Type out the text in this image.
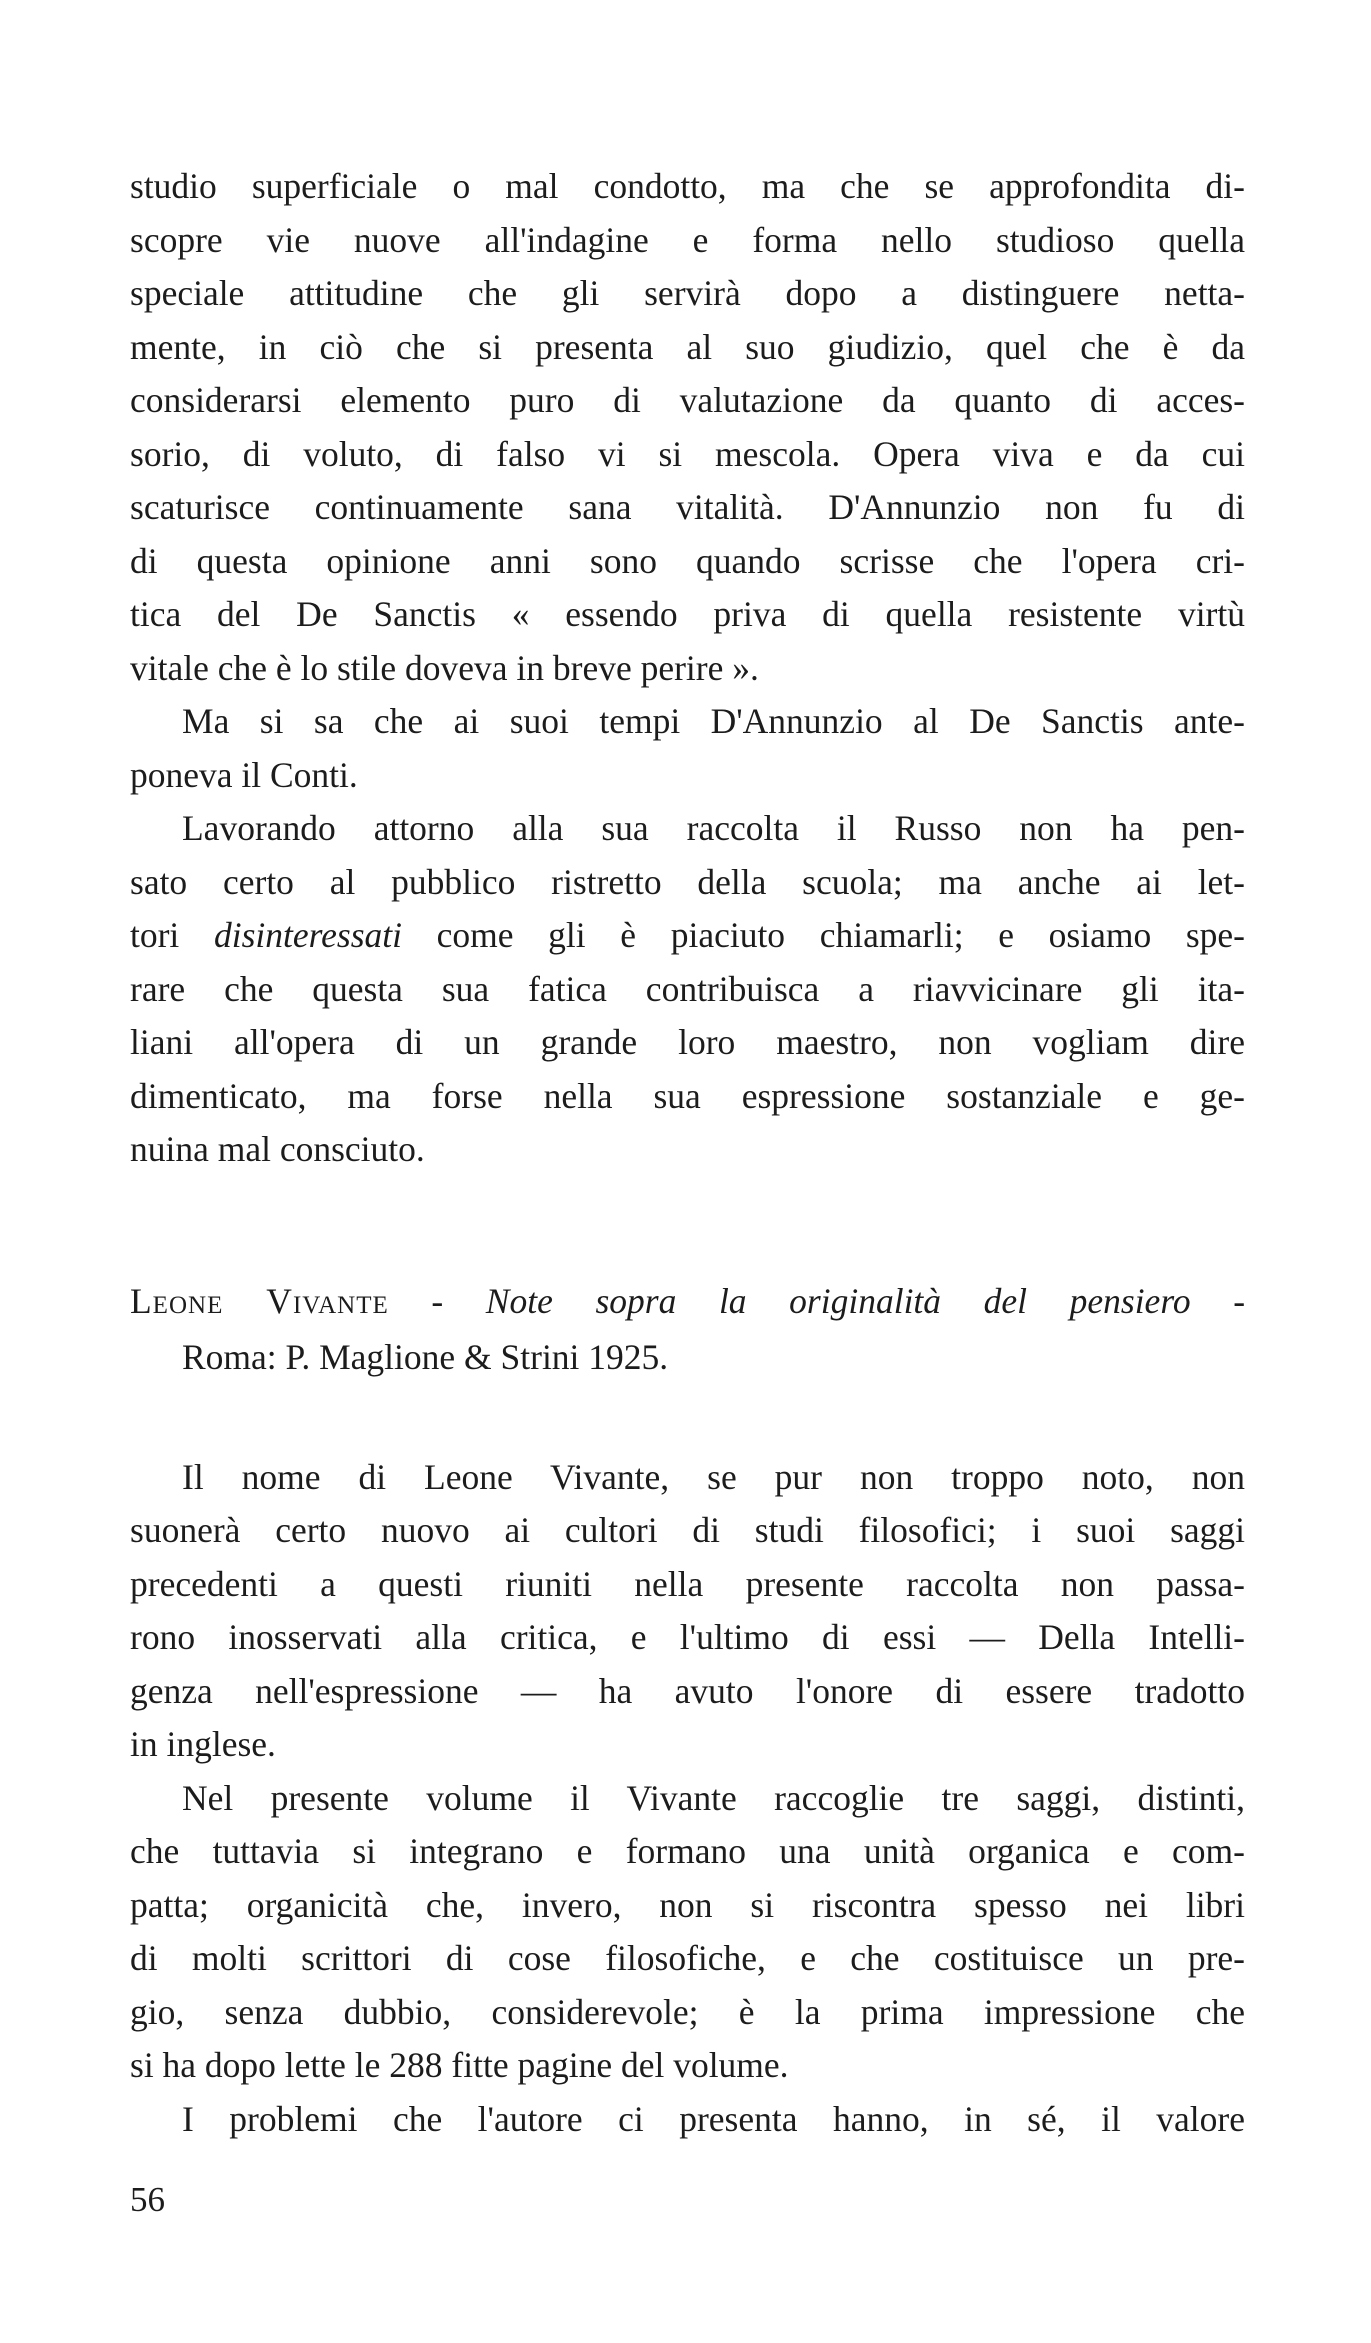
studio superficiale o mal condotto, ma che se approfondita di-
scopre vie nuove all'indagine e forma nello studioso quella
speciale attitudine che gli servirà dopo a distinguere netta-
mente, in ciò che si presenta al suo giudizio, quel che è da
considerarsi elemento puro di valutazione da quanto di acces-
sorio, di voluto, di falso vi si mescola. Opera viva e da cui
scaturisce continuamente sana vitalità. D'Annunzio non fu di
di questa opinione anni sono quando scrisse che l'opera cri-
tica del De Sanctis « essendo priva di quella resistente virtù
vitale che è lo stile doveva in breve perire ».

Ma si sa che ai suoi tempi D'Annunzio al De Sanctis ante-
poneva il Conti.

Lavorando attorno alla sua raccolta il Russo non ha pen-
sato certo al pubblico ristretto della scuola; ma anche ai let-
tori disinteressati come gli è piaciuto chiamarli; e osiamo spe-
rare che questa sua fatica contribuisca a riavvicinare gli ita-
liani all'opera di un grande loro maestro, non vogliam dire
dimenticato, ma forse nella sua espressione sostanziale e ge-
nuina mal consciuto.

Leone Vivante - Note sopra la originalità del pensiero -
Roma: P. Maglione & Strini 1925.

Il nome di Leone Vivante, se pur non troppo noto, non
suonerà certo nuovo ai cultori di studi filosofici; i suoi saggi
precedenti a questi riuniti nella presente raccolta non passa-
rono inosservati alla critica, e l'ultimo di essi — Della Intelli-
genza nell'espressione — ha avuto l'onore di essere tradotto
in inglese.

Nel presente volume il Vivante raccoglie tre saggi, distinti,
che tuttavia si integrano e formano una unità organica e com-
patta; organicità che, invero, non si riscontra spesso nei libri
di molti scrittori di cose filosofiche, e che costituisce un pre-
gio, senza dubbio, considerevole; è la prima impressione che
si ha dopo lette le 288 fitte pagine del volume.

I problemi che l'autore ci presenta hanno, in sé, il valore

56
